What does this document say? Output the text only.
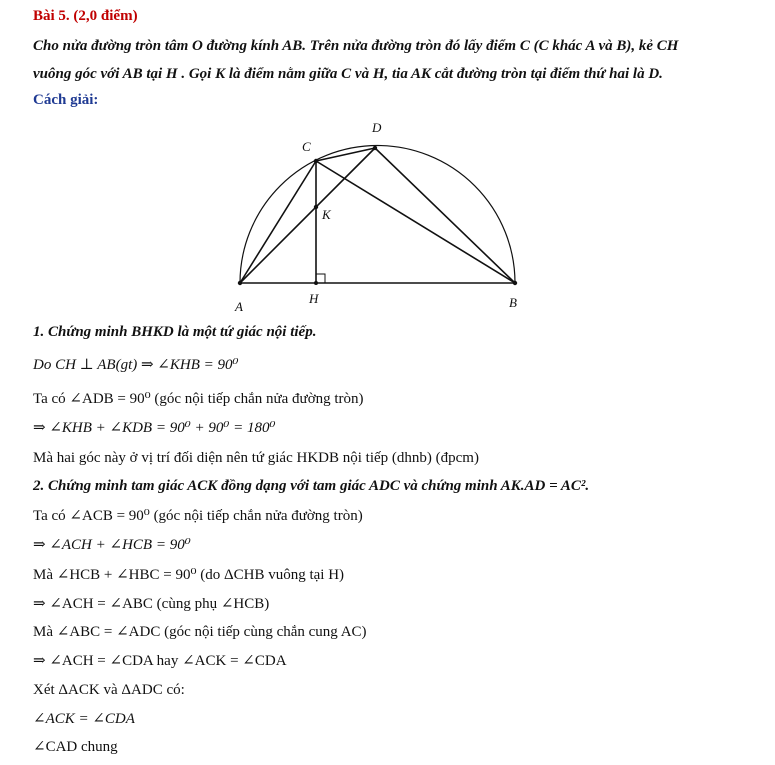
Bài 5. (2,0 điểm)
Cho nửa đường tròn tâm O đường kính AB. Trên nửa đường tròn đó lấy điểm C (C khác A và B), kẻ CH
vuông góc với AB tại H . Gọi K là điểm nằm giữa C và H, tia AK cắt đường tròn tại điểm thứ hai là D.
Cách giải:
A	B
C
D
H
K
1. Chứng minh BHKD là một tứ giác nội tiếp.
Do CH ⊥ AB(gt) ⇒ ∠KHB = 90⁰
Ta có ∠ADB = 90⁰ (góc nội tiếp chắn nửa đường tròn)
⇒ ∠KHB + ∠KDB = 90⁰ + 90⁰ = 180⁰
Mà hai góc này ở vị trí đối diện nên tứ giác HKDB nội tiếp (dhnb) (đpcm)
2. Chứng minh tam giác ACK đồng dạng với tam giác ADC và chứng minh AK.AD = AC².
Ta có ∠ACB = 90⁰ (góc nội tiếp chắn nửa đường tròn)
⇒ ∠ACH + ∠HCB = 90⁰
Mà ∠HCB + ∠HBC = 90⁰ (do ΔCHB vuông tại H)
⇒ ∠ACH = ∠ABC (cùng phụ ∠HCB)
Mà ∠ABC = ∠ADC (góc nội tiếp cùng chắn cung AC)
⇒ ∠ACH = ∠CDA hay ∠ACK = ∠CDA
Xét ΔACK và ΔADC có:
∠ACK = ∠CDA
∠CAD chung
